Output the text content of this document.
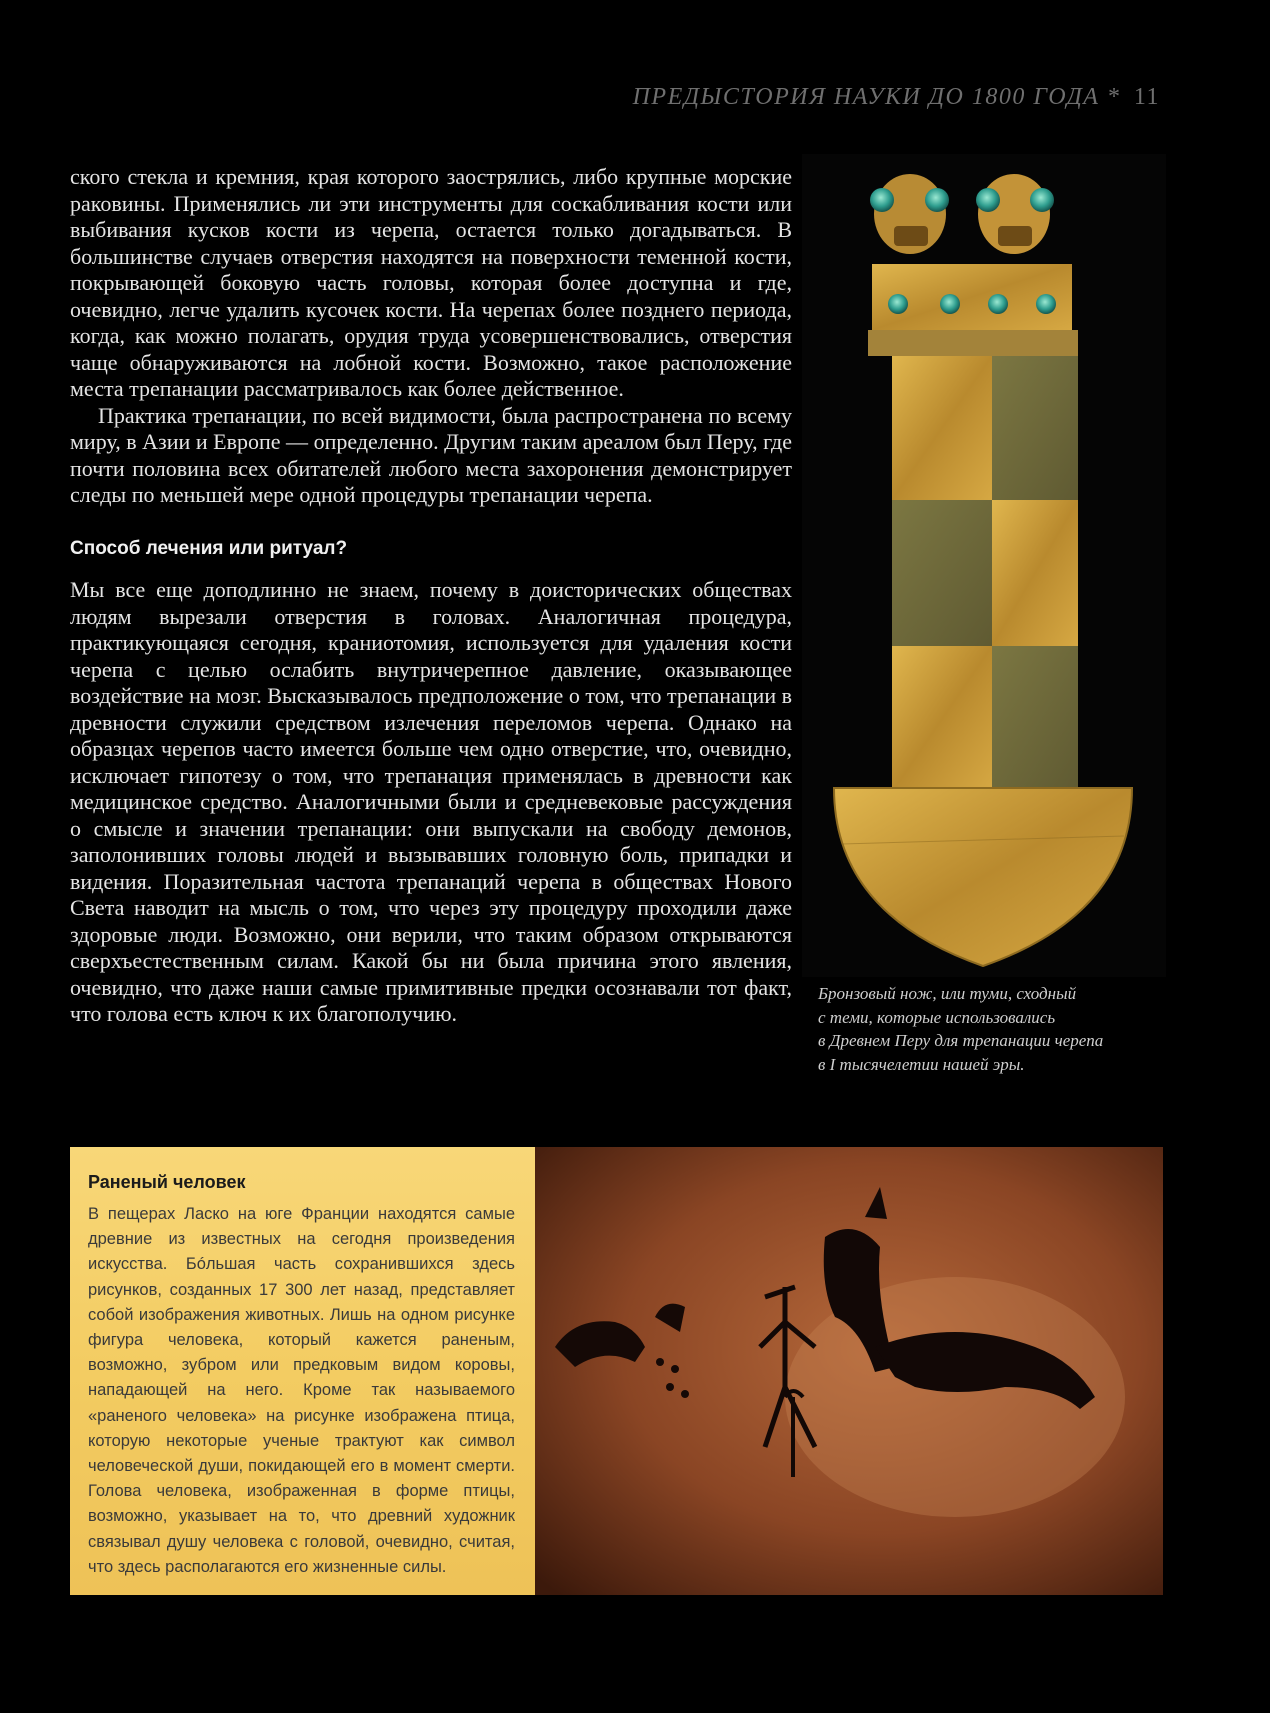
ПРЕДЫСТОРИЯ НАУКИ ДО 1800 ГОДА * 11

ского стекла и кремния, края которого заострялись, либо крупные морские раковины. Применялись ли эти инструменты для соскабливания кости или выбивания кусков кости из черепа, остается только догадываться. В большинстве случаев отверстия находятся на поверхности теменной кости, покрывающей боковую часть головы, которая более доступна и где, очевидно, легче удалить кусочек кости. На черепах более позднего периода, когда, как можно полагать, орудия труда усовершенствовались, отверстия чаще обнаруживаются на лобной кости. Возможно, такое расположение места трепанации рассматривалось как более действенное.

Практика трепанации, по всей видимости, была распространена по всему миру, в Азии и Европе — определенно. Другим таким ареалом был Перу, где почти половина всех обитателей любого места захоронения демонстрирует следы по меньшей мере одной процедуры трепанации черепа.

Способ лечения или ритуал?

Мы все еще доподлинно не знаем, почему в доисторических обществах людям вырезали отверстия в головах. Аналогичная процедура, практикующаяся сегодня, краниотомия, используется для удаления кости черепа с целью ослабить внутричерепное давление, оказывающее воздействие на мозг. Высказывалось предположение о том, что трепанации в древности служили средством излечения переломов черепа. Однако на образцах черепов часто имеется больше чем одно отверстие, что, очевидно, исключает гипотезу о том, что трепанация применялась в древности как медицинское средство. Аналогичными были и средневековые рассуждения о смысле и значении трепанации: они выпускали на свободу демонов, заполонивших головы людей и вызывавших головную боль, припадки и видения. Поразительная частота трепанаций черепа в обществах Нового Света наводит на мысль о том, что через эту процедуру проходили даже здоровые люди. Возможно, они верили, что таким образом открываются сверхъестественным силам. Какой бы ни была причина этого явления, очевидно, что даже наши самые примитивные предки осознавали тот факт, что голова есть ключ к их благополучию.

Бронзовый нож, или туми, сходный
с теми, которые использовались
в Древнем Перу для трепанации черепа
в I тысячелетии нашей эры.
Раненый человек

В пещерах Ласко на юге Франции находятся самые древние из известных на сегодня произведения искусства. Бóльшая часть сохранившихся здесь рисунков, созданных 17 300 лет назад, представляет собой изображения животных. Лишь на одном рисунке фигура человека, который кажется раненым, возможно, зубром или предковым видом коровы, нападающей на него. Кроме так называемого «раненого человека» на рисунке изображена птица, которую некоторые ученые трактуют как символ человеческой души, покидающей его в момент смерти. Голова человека, изображенная в форме птицы, возможно, указывает на то, что древний художник связывал душу человека с головой, очевидно, считая, что здесь располагаются его жизненные силы.
